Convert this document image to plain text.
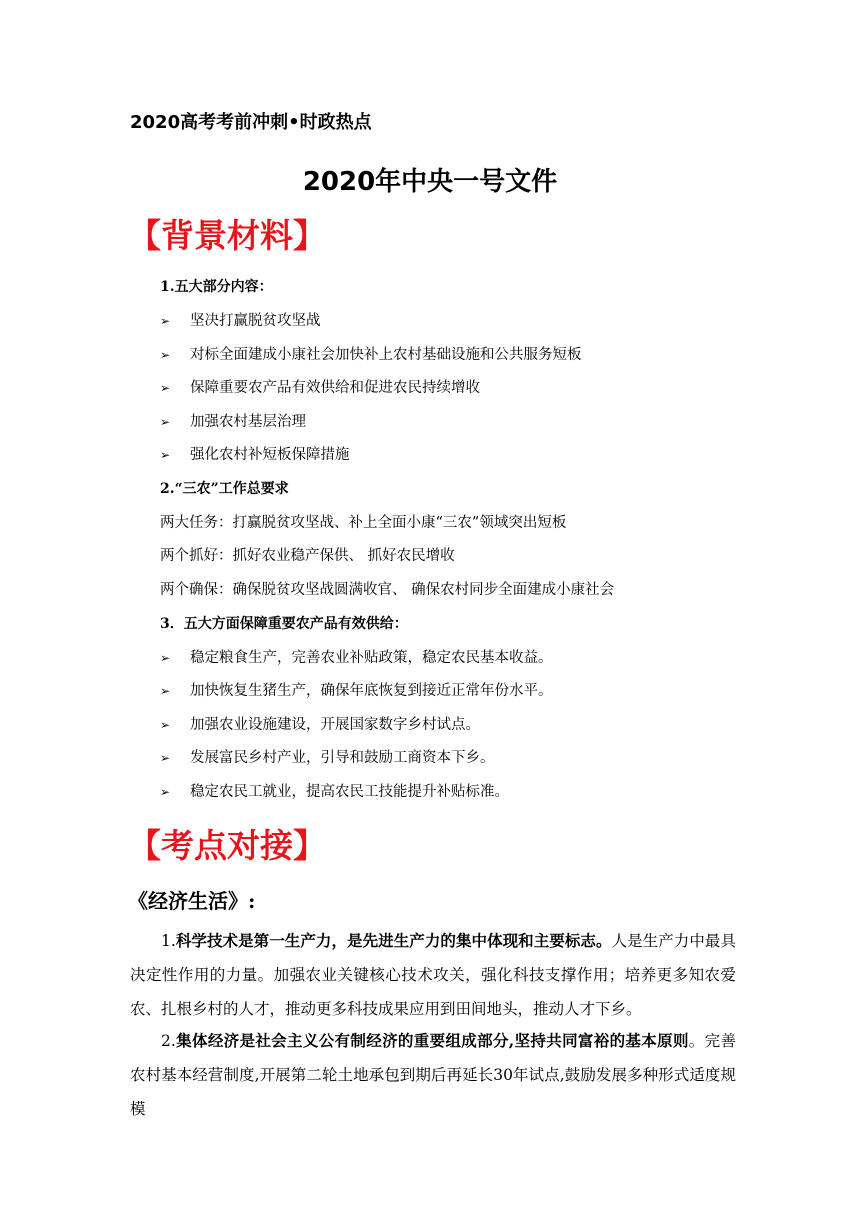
2020高考考前冲刺•时政热点
2020年中央一号文件
【背景材料】
1.五大部分内容：
➢ 坚决打赢脱贫攻坚战
➢ 对标全面建成小康社会加快补上农村基础设施和公共服务短板
➢ 保障重要农产品有效供给和促进农民持续增收
➢ 加强农村基层治理
➢ 强化农村补短板保障措施
2.“三农”工作总要求
两大任务：打赢脱贫攻坚战、补上全面小康“三农”领域突出短板
两个抓好：抓好农业稳产保供、 抓好农民增收
两个确保：确保脱贫攻坚战圆满收官、 确保农村同步全面建成小康社会
3．五大方面保障重要农产品有效供给：
➢ 稳定粮食生产，完善农业补贴政策，稳定农民基本收益。
➢ 加快恢复生猪生产，确保年底恢复到接近正常年份水平。
➢ 加强农业设施建设，开展国家数字乡村试点。
➢ 发展富民乡村产业，引导和鼓励工商资本下乡。
➢ 稳定农民工就业，提高农民工技能提升补贴标准。
【考点对接】
《经济生活》:
1.科学技术是第一生产力，是先进生产力的集中体现和主要标志。人是生产力中最具决定性作用的力量。加强农业关键核心技术攻关，强化科技支撑作用；培养更多知农爱农、扎根乡村的人才，推动更多科技成果应用到田间地头，推动人才下乡。
2.集体经济是社会主义公有制经济的重要组成部分,坚持共同富裕的基本原则。完善农村基本经营制度,开展第二轮土地承包到期后再延长30年试点,鼓励发展多种形式适度规模
